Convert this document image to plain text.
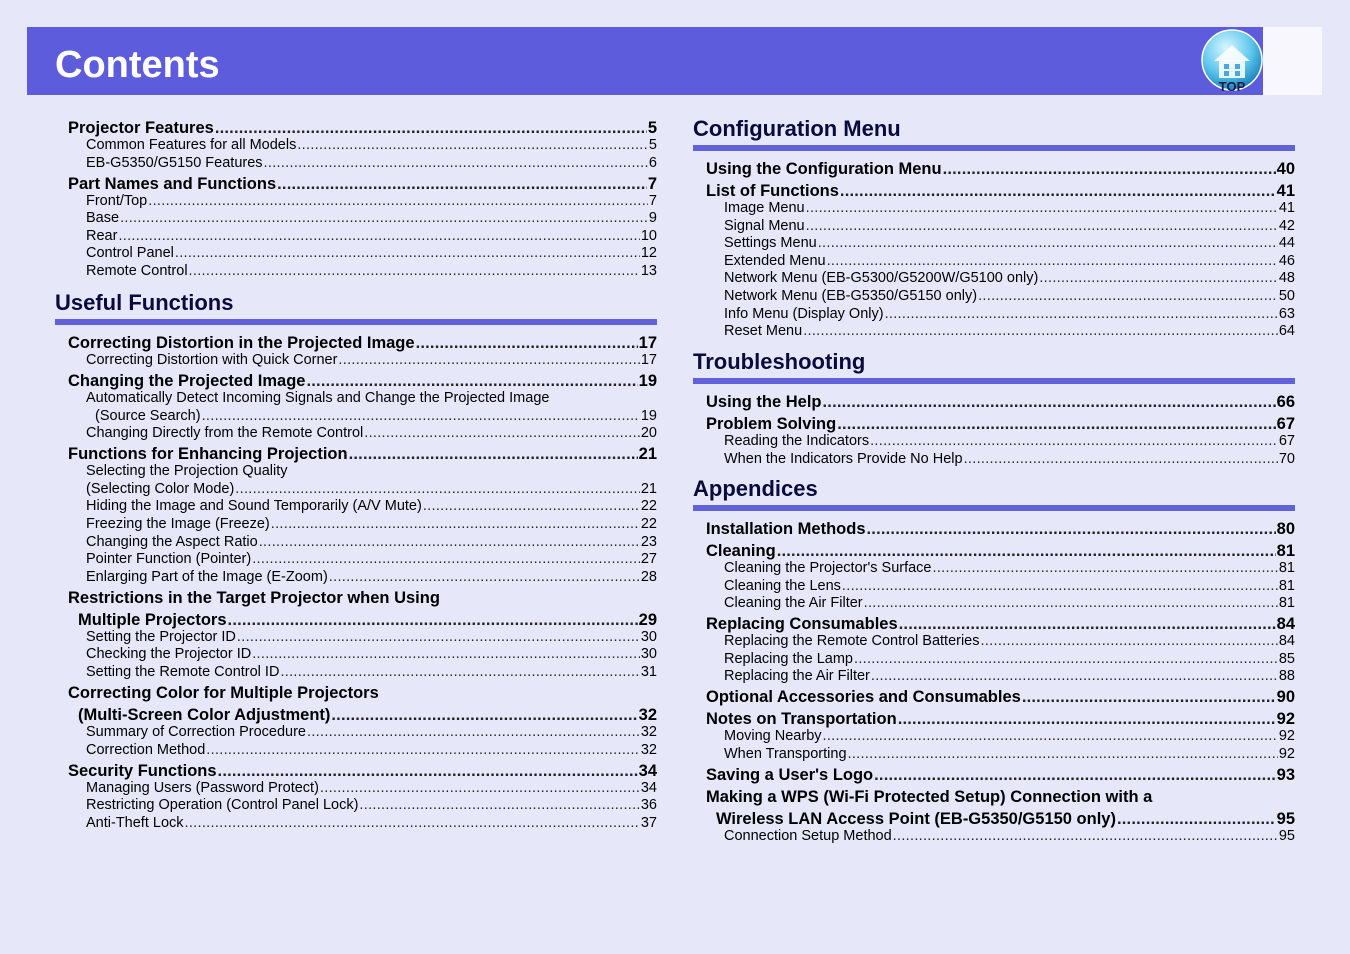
Contents
TOP
Projector Features .....	5
Common Features for all Models .....	5
EB-G5350/G5150 Features .....	6
Part Names and Functions .....	7
Front/Top .....	7
Base .....	9
Rear .....	10
Control Panel .....	12
Remote Control .....	13
Useful Functions
Correcting Distortion in the Projected Image .....	17
Correcting Distortion with Quick Corner .....	17
Changing the Projected Image .....	19
Automatically Detect Incoming Signals and Change the Projected Image
(Source Search) .....	19
Changing Directly from the Remote Control .....	20
Functions for Enhancing Projection .....	21
Selecting the Projection Quality
(Selecting Color Mode) .....	21
Hiding the Image and Sound Temporarily (A/V Mute) .....	22
Freezing the Image (Freeze) .....	22
Changing the Aspect Ratio .....	23
Pointer Function (Pointer) .....	27
Enlarging Part of the Image (E-Zoom) .....	28
Restrictions in the Target Projector when Using
Multiple Projectors .....	29
Setting the Projector ID .....	30
Checking the Projector ID .....	30
Setting the Remote Control ID .....	31
Correcting Color for Multiple Projectors
(Multi-Screen Color Adjustment) .....	32
Summary of Correction Procedure .....	32
Correction Method .....	32
Security Functions .....	34
Managing Users (Password Protect) .....	34
Restricting Operation (Control Panel Lock) .....	36
Anti-Theft Lock .....	37
Configuration Menu
Using the Configuration Menu .....	40
List of Functions .....	41
Image Menu .....	41
Signal Menu .....	42
Settings Menu .....	44
Extended Menu .....	46
Network Menu (EB-G5300/G5200W/G5100 only) .....	48
Network Menu (EB-G5350/G5150 only) .....	50
Info Menu (Display Only) .....	63
Reset Menu .....	64
Troubleshooting
Using the Help .....	66
Problem Solving .....	67
Reading the Indicators .....	67
When the Indicators Provide No Help .....	70
Appendices
Installation Methods .....	80
Cleaning .....	81
Cleaning the Projector's Surface .....	81
Cleaning the Lens .....	81
Cleaning the Air Filter .....	81
Replacing Consumables .....	84
Replacing the Remote Control Batteries .....	84
Replacing the Lamp .....	85
Replacing the Air Filter .....	88
Optional Accessories and Consumables .....	90
Notes on Transportation .....	92
Moving Nearby .....	92
When Transporting .....	92
Saving a User's Logo .....	93
Making a WPS (Wi-Fi Protected Setup) Connection with a
Wireless LAN Access Point (EB-G5350/G5150 only) .....	95
Connection Setup Method .....	95
